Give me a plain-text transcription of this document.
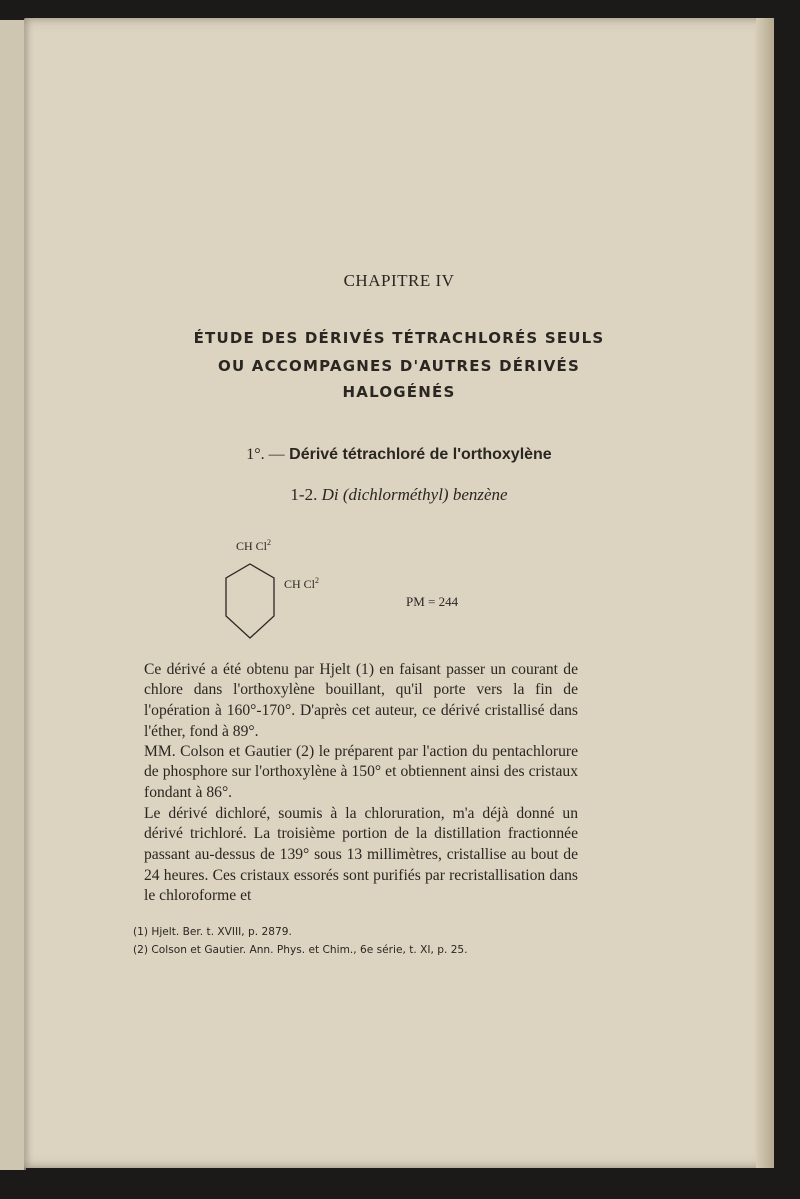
CHAPITRE IV
ÉTUDE DES DÉRIVÉS TÉTRACHLORÉS SEULS
OU ACCOMPAGNES D'AUTRES DÉRIVÉS
HALOGÉNÉS
1°. — Dérivé tétrachloré de l'orthoxylène
1-2. Di (dichlorméthyl) benzène
CH Cl$^2$
CH Cl$^2$
PM = 244

Ce dérivé a été obtenu par Hjelt (1) en faisant passer un courant de chlore dans l'orthoxylène bouillant, qu'il porte vers la fin de l'opération à 160°-170°. D'après cet auteur, ce dérivé cristallisé dans l'éther, fond à 89°.

MM. Colson et Gautier (2) le préparent par l'action du pentachlorure de phosphore sur l'orthoxylène à 150° et obtiennent ainsi des cristaux fondant à 86°.

Le dérivé dichloré, soumis à la chloruration, m'a déjà donné un dérivé trichloré. La troisième portion de la distillation fractionnée passant au-dessus de 139° sous 13 millimètres, cristallise au bout de 24 heures. Ces cristaux essorés sont purifiés par recristallisation dans le chloroforme et

(1) Hjelt. Ber. t. XVIII, p. 2879.
(2) Colson et Gautier. Ann. Phys. et Chim., 6e série, t. XI, p. 25.
